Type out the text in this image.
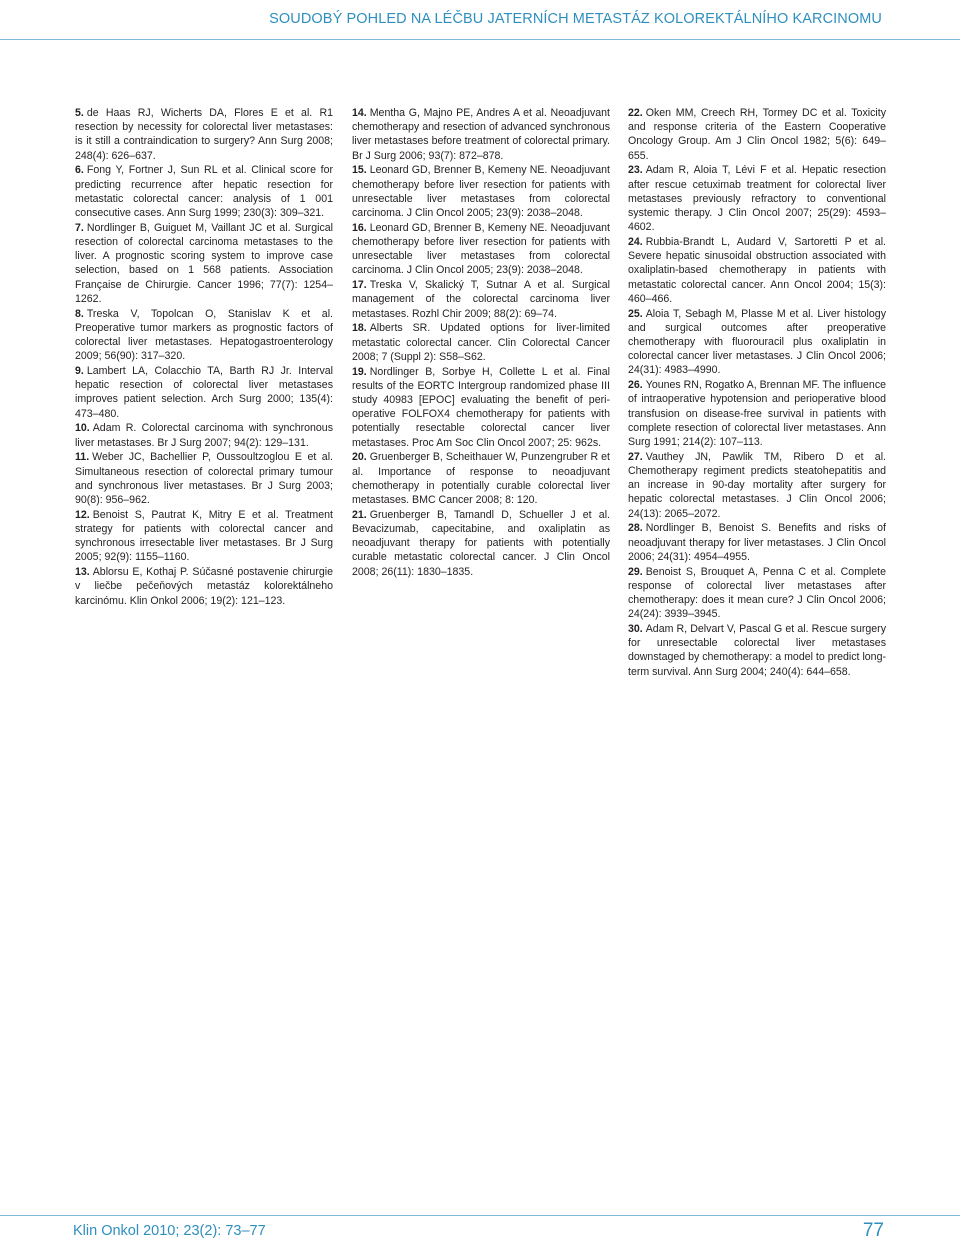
SOUDOBÝ POHLED NA LÉČBU JATERNÍCH METASTÁZ KOLOREKTÁLNÍHO KARCINOMU

5. de Haas RJ, Wicherts DA, Flores E et al. R1 resection by necessity for colorectal liver metastases: is it still a contraindication to surgery? Ann Surg 2008; 248(4): 626–637.

6. Fong Y, Fortner J, Sun RL et al. Clinical score for predicting recurrence after hepatic resection for metastatic colorectal cancer: analysis of 1 001 consecutive cases. Ann Surg 1999; 230(3): 309–321.

7. Nordlinger B, Guiguet M, Vaillant JC et al. Surgical resection of colorectal carcinoma metastases to the liver. A prognostic scoring system to improve case selection, based on 1 568 patients. Association Française de Chirurgie. Cancer 1996; 77(7): 1254–1262.

8. Treska V, Topolcan O, Stanislav K et al. Preoperative tumor markers as prognostic factors of colorectal liver metastases. Hepatogastroenterology 2009; 56(90): 317–320.

9. Lambert LA, Colacchio TA, Barth RJ Jr. Interval hepatic resection of colorectal liver metastases improves patient selection. Arch Surg 2000; 135(4): 473–480.

10. Adam R. Colorectal carcinoma with synchronous liver metastases. Br J Surg 2007; 94(2): 129–131.

11. Weber JC, Bachellier P, Oussoultzoglou E et al. Simultaneous resection of colorectal primary tumour and synchronous liver metastases. Br J Surg 2003; 90(8): 956–962.

12. Benoist S, Pautrat K, Mitry E et al. Treatment strategy for patients with colorectal cancer and synchronous irresectable liver metastases. Br J Surg 2005; 92(9): 1155–1160.

13. Ablorsu E, Kothaj P. Súčasné postavenie chirurgie v liečbe pečeňových metastáz kolorektálneho karcinómu. Klin Onkol 2006; 19(2): 121–123.

14. Mentha G, Majno PE, Andres A et al. Neoadjuvant chemotherapy and resection of advanced synchronous liver metastases before treatment of colorectal primary. Br J Surg 2006; 93(7): 872–878.

15. Leonard GD, Brenner B, Kemeny NE. Neoadjuvant chemotherapy before liver resection for patients with unresectable liver metastases from colorectal carcinoma. J Clin Oncol 2005; 23(9): 2038–2048.

16. Leonard GD, Brenner B, Kemeny NE. Neoadjuvant chemotherapy before liver resection for patients with unresectable liver metastases from colorectal carcinoma. J Clin Oncol 2005; 23(9): 2038–2048.

17. Treska V, Skalický T, Sutnar A et al. Surgical management of the colorectal carcinoma liver metastases. Rozhl Chir 2009; 88(2): 69–74.

18. Alberts SR. Updated options for liver-limited metastatic colorectal cancer. Clin Colorectal Cancer 2008; 7 (Suppl 2): S58–S62.

19. Nordlinger B, Sorbye H, Collette L et al. Final results of the EORTC Intergroup randomized phase III study 40983 [EPOC] evaluating the benefit of peri-operative FOLFOX4 chemotherapy for patients with potentially resectable colorectal cancer liver metastases. Proc Am Soc Clin Oncol 2007; 25: 962s.

20. Gruenberger B, Scheithauer W, Punzengruber R et al. Importance of response to neoadjuvant chemotherapy in potentially curable colorectal liver metastases. BMC Cancer 2008; 8: 120.

21. Gruenberger B, Tamandl D, Schueller J et al. Bevacizumab, capecitabine, and oxaliplatin as neoadjuvant therapy for patients with potentially curable metastatic colorectal cancer. J Clin Oncol 2008; 26(11): 1830–1835.

22. Oken MM, Creech RH, Tormey DC et al. Toxicity and response criteria of the Eastern Cooperative Oncology Group. Am J Clin Oncol 1982; 5(6): 649–655.

23. Adam R, Aloia T, Lévi F et al. Hepatic resection after rescue cetuximab treatment for colorectal liver metastases previously refractory to conventional systemic therapy. J Clin Oncol 2007; 25(29): 4593–4602.

24. Rubbia-Brandt L, Audard V, Sartoretti P et al. Severe hepatic sinusoidal obstruction associated with oxaliplatin-based chemotherapy in patients with metastatic colorectal cancer. Ann Oncol 2004; 15(3): 460–466.

25. Aloia T, Sebagh M, Plasse M et al. Liver histology and surgical outcomes after preoperative chemotherapy with fluorouracil plus oxaliplatin in colorectal cancer liver metastases. J Clin Oncol 2006; 24(31): 4983–4990.

26. Younes RN, Rogatko A, Brennan MF. The influence of intraoperative hypotension and perioperative blood transfusion on disease-free survival in patients with complete resection of colorectal liver metastases. Ann Surg 1991; 214(2): 107–113.

27. Vauthey JN, Pawlik TM, Ribero D et al. Chemotherapy regiment predicts steatohepatitis and an increase in 90-day mortality after surgery for hepatic colorectal metastases. J Clin Oncol 2006; 24(13): 2065–2072.

28. Nordlinger B, Benoist S. Benefits and risks of neoadjuvant therapy for liver metastases. J Clin Oncol 2006; 24(31): 4954–4955.

29. Benoist S, Brouquet A, Penna C et al. Complete response of colorectal liver metastases after chemotherapy: does it mean cure? J Clin Oncol 2006; 24(24): 3939–3945.

30. Adam R, Delvart V, Pascal G et al. Rescue surgery for unresectable colorectal liver metastases downstaged by chemotherapy: a model to predict long-term survival. Ann Surg 2004; 240(4): 644–658.

Klin Onkol 2010; 23(2): 73–77	77
